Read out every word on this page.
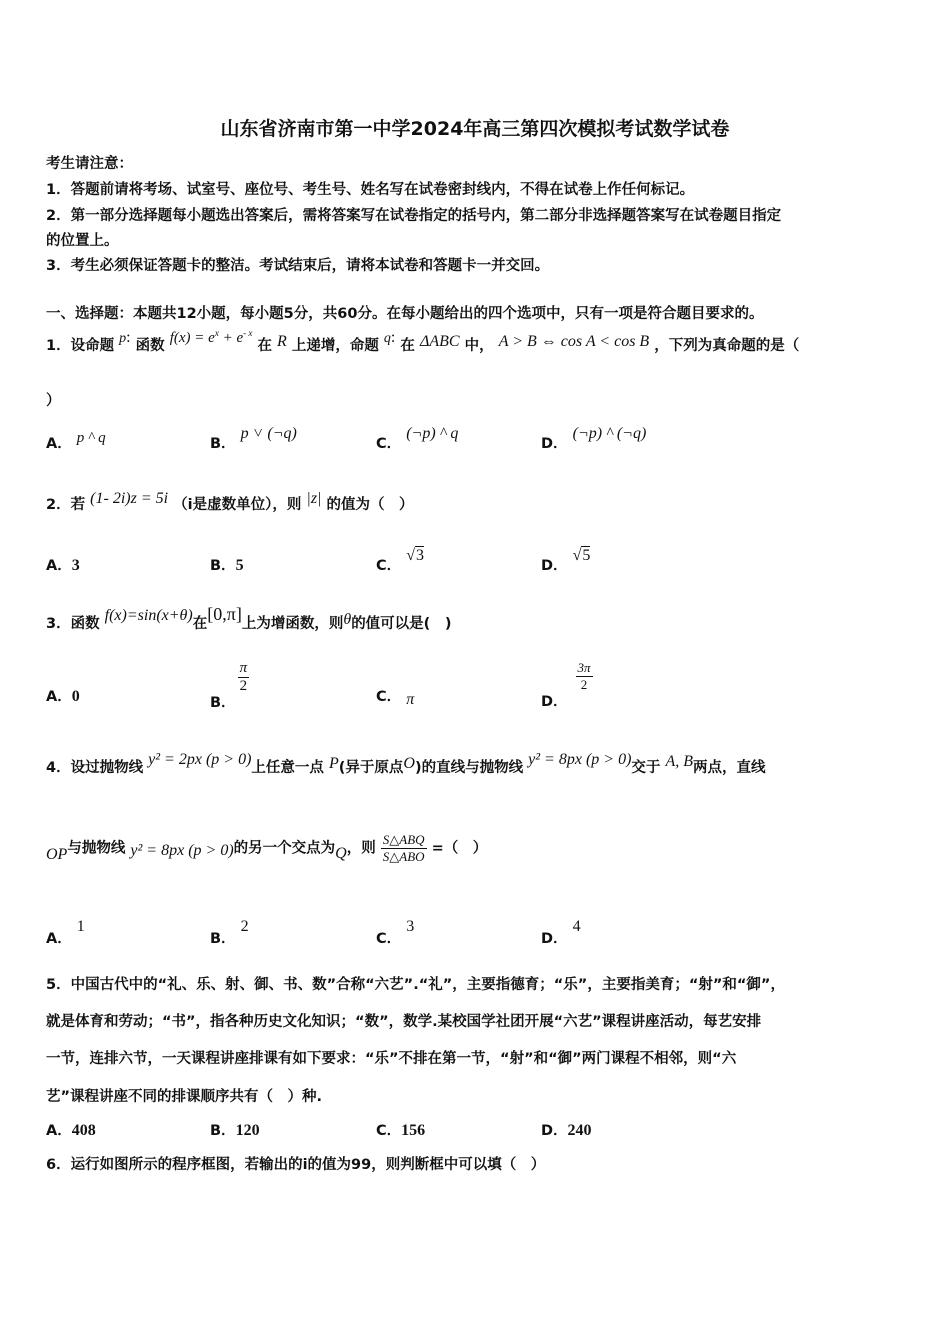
山东省济南市第一中学2024年高三第四次模拟考试数学试卷
考生请注意：
1．答题前请将考场、试室号、座位号、考生号、姓名写在试卷密封线内，不得在试卷上作任何标记。
2．第一部分选择题每小题选出答案后，需将答案写在试卷指定的括号内，第二部分非选择题答案写在试卷题目指定
的位置上。
3．考生必须保证答题卡的整洁。考试结束后，请将本试卷和答题卡一并交回。
一、选择题：本题共12小题，每小题5分，共60分。在每小题给出的四个选项中，只有一项是符合题目要求的。
1．设命题 p: 函数 $f(x) = e^x + e^{- x}$ 在 R 上递增，命题 q: 在 ΔABC 中， A > B ⇔ cos A < cos B ，下列为真命题的是（
）
A． p ^ q	B． p ˅ (¬q)
C． (¬p) ^ q
D． (¬p) ^ (¬q)
2．若 (1- 2i)z = 5i （i是虚数单位），则 |z| 的值为（　）
A．3	B．5	C． √3
D． √5
3．函数 f(x)=sin(x+θ)在[0,π]上为增函数，则θ的值可以是(　)
A．0	B．
$\frac{\pi}{2}$
C． π	D．
$\frac{3\pi}{2}$
4．设过抛物线 y² = 2px (p > 0)上任意一点 P(异于原点O)的直线与抛物线 y² = 8px (p > 0)交于 A, B两点，直线
OP与抛物线 y² = 8px (p > 0)的另一个交点为Q，则 $\frac{\text{S△ABQ}}{\text{S△ABO}}$ =（　）
A． 1
B． 2
C． 3
D． 4
5．中国古代中的“礼、乐、射、御、书、数”合称“六艺”.“礼”，主要指德育；“乐”，主要指美育；“射”和“御”，
就是体育和劳动；“书”，指各种历史文化知识；“数”，数学.某校国学社团开展“六艺”课程讲座活动，每艺安排
一节，连排六节，一天课程讲座排课有如下要求：“乐”不排在第一节，“射”和“御”两门课程不相邻，则“六
艺”课程讲座不同的排课顺序共有（　）种.
A．408	B．120	C．156	D．240
6．运行如图所示的程序框图，若输出的i的值为99，则判断框中可以填（　）
